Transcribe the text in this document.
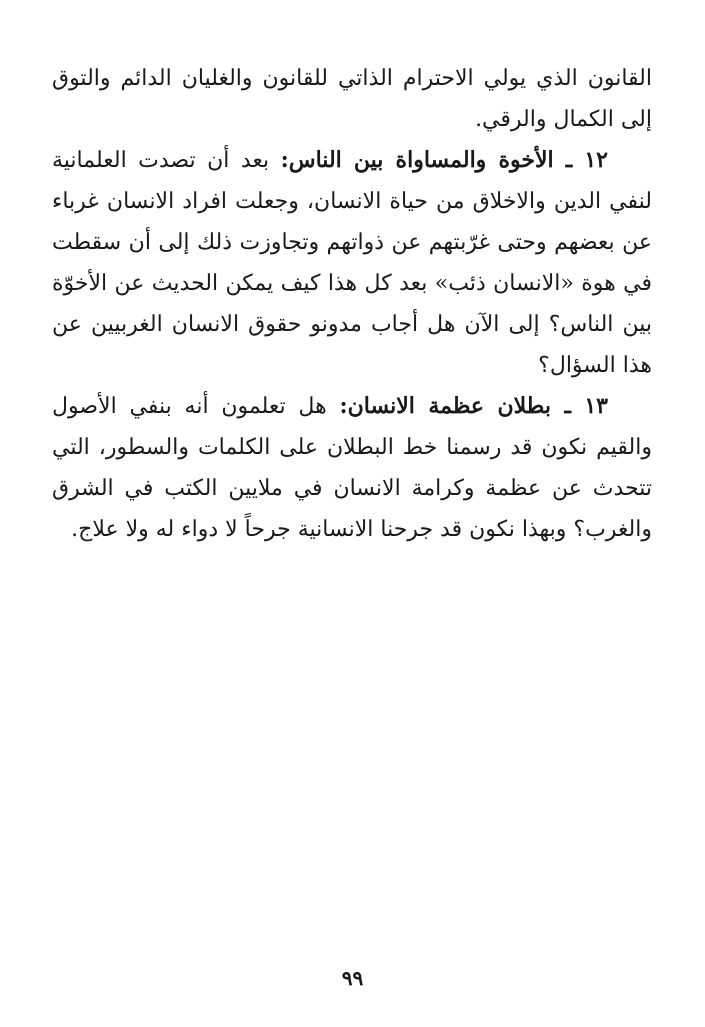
القانون الذي يولي الاحترام الذاتي للقانون والغليان الدائم والتوق إلى الكمال والرقي.

١٢ ـ الأخوة والمساواة بين الناس: بعد أن تصدت العلمانية لنفي الدين والاخلاق من حياة الانسان، وجعلت افراد الانسان غرباء عن بعضهم وحتى غرّبتهم عن ذواتهم وتجاوزت ذلك إلى أن سقطت في هوة «الانسان ذئب» بعد كل هذا كيف يمكن الحديث عن الأخوّة بين الناس؟ إلى الآن هل أجاب مدونو حقوق الانسان الغربيين عن هذا السؤال؟

١٣ ـ بطلان عظمة الانسان: هل تعلمون أنه بنفي الأصول والقيم نكون قد رسمنا خط البطلان على الكلمات والسطور، التي تتحدث عن عظمة وكرامة الانسان في ملايين الكتب في الشرق والغرب؟ وبهذا نكون قد جرحنا الانسانية جرحاً لا دواء له ولا علاج.

٩٩
